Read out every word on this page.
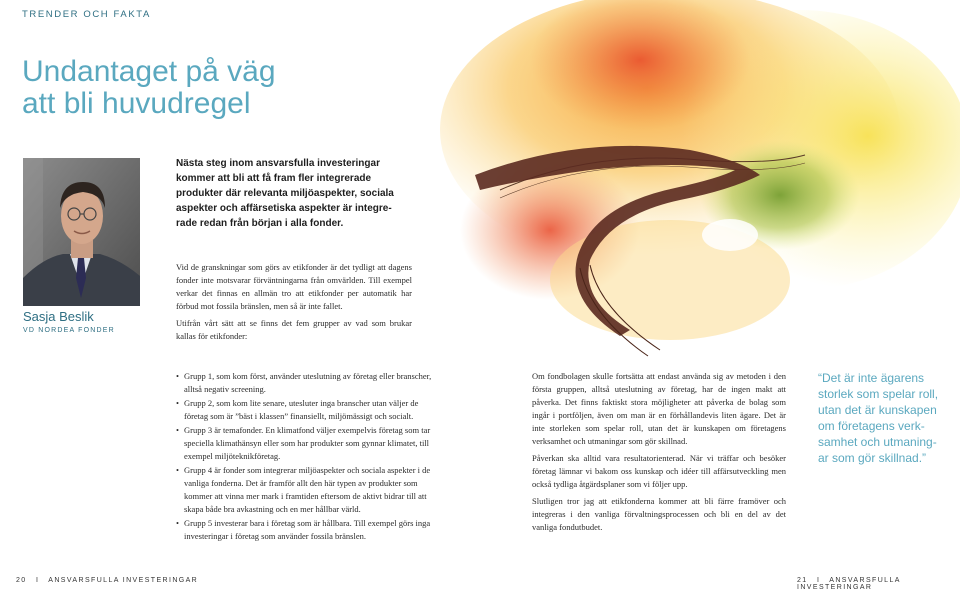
TRENDER OCH FAKTA
Undantaget på väg
att bli huvudregel
Sasja Beslik
VD NORDEA FONDER
Nästa steg inom ansvarsfulla investeringar
kommer att bli att få fram fler integrerade
produkter där relevanta miljöaspekter, sociala
aspekter och affärsetiska aspekter är integre-
rade redan från början i alla fonder.

Vid de granskningar som görs av etikfonder är det tydligt att dagens fonder inte motsvarar förväntningarna från omvärlden. Till exempel verkar det finnas en allmän tro att etikfonder per automatik har förbud mot fossila bränslen, men så är inte fallet.

Utifrån vårt sätt att se finns det fem grupper av vad som brukar kallas för etikfonder:

• Grupp 1, som kom först, använder uteslutning av företag eller branscher, alltså negativ screening.
• Grupp 2, som kom lite senare, utesluter inga branscher utan väljer de företag som är ”bäst i klassen” finansiellt, miljömässigt och socialt.
• Grupp 3 är temafonder. En klimatfond väljer exempelvis företag som tar speciella klimathänsyn eller som har produkter som gynnar klimatet, till exempel miljöteknikföretag.
• Grupp 4 är fonder som integrerar miljöaspekter och sociala aspekter i de vanliga fonderna. Det är framför allt den här typen av produkter som kommer att vinna mer mark i framtiden eftersom de aktivt bidrar till att skapa både bra avkastning och en mer hållbar värld.
• Grupp 5 investerar bara i företag som är hållbara. Till exempel görs inga investeringar i företag som använder fossila bränslen.

Om fondbolagen skulle fortsätta att endast använda sig av metoden i den första gruppen, alltså uteslutning av företag, har de ingen makt att påverka. Det finns faktiskt stora möjligheter att påverka de bolag som ingår i portföljen, även om man är en förhållandevis liten ägare. Det är inte storleken som spelar roll, utan det är kunskapen om företagens verksamhet och utmaningar som gör skillnad.

Påverkan ska alltid vara resultatorienterad. När vi träffar och besöker företag lämnar vi bakom oss kunskap och idéer till affärsutveckling men också tydliga åtgärdsplaner som vi följer upp.

Slutligen tror jag att etikfonderna kommer att bli färre framöver och integreras i den vanliga förvaltningsprocessen och bli en del av det vanliga fondutbudet.

“Det är inte ägarens
storlek som spelar roll,
utan det är kunskapen
om företagens verk-
samhet och utmaning-
ar som gör skillnad.”
20 I ANSVARSFULLA INVESTERINGAR	21 I ANSVARSFULLA INVESTERINGAR
